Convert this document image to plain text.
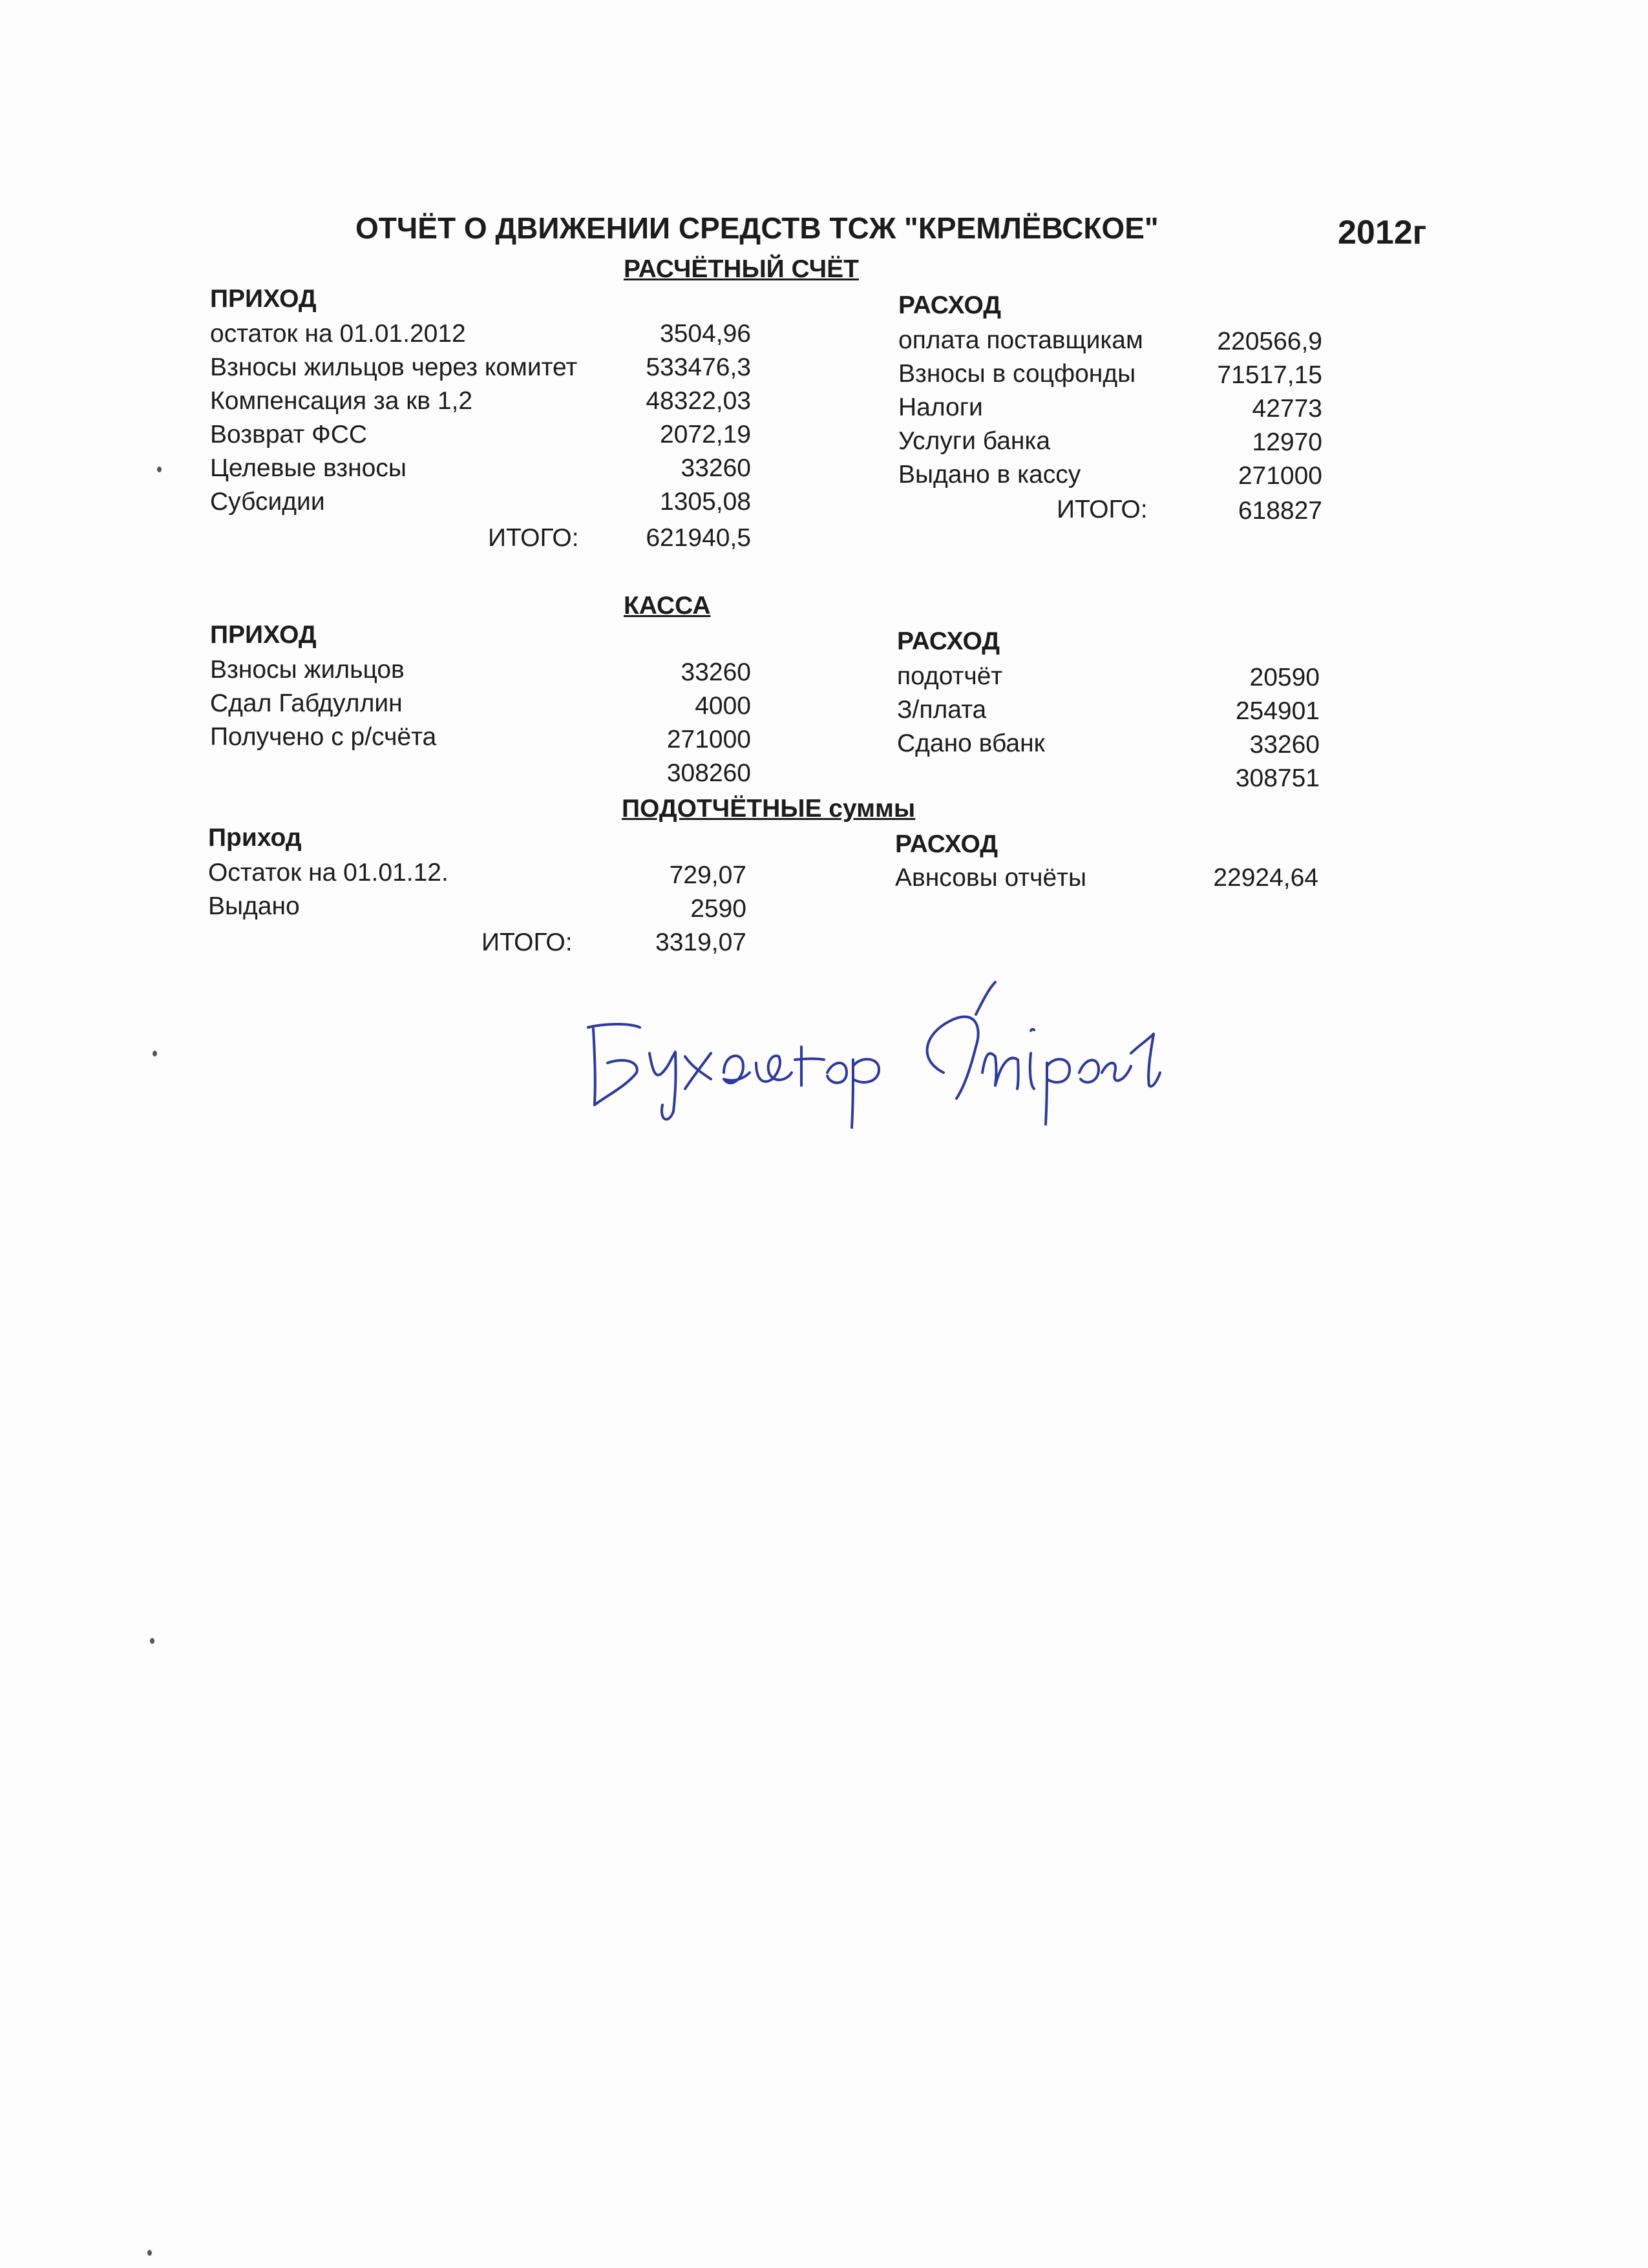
ОТЧЁТ О ДВИЖЕНИИ СРЕДСТВ ТСЖ "КРЕМЛЁВСКОЕ"	2012г
РАСЧЁТНЫЙ СЧЁТ
ПРИХОД
остаток на 01.01.2012	3504,96
Взносы жильцов через комитет	533476,3
Компенсация за кв 1,2	48322,03
Возврат ФСС	2072,19
Целевые взносы	33260
Субсидии	1305,08
ИТОГО:	621940,5
РАСХОД
оплата поставщикам	220566,9
Взносы в соцфонды	71517,15
Налоги	42773
Услуги банка	12970
Выдано в кассу	271000
ИТОГО:	618827
КАССА
ПРИХОД
Взносы жильцов	33260
Сдал Габдуллин	4000
Получено с р/счёта	271000
308260
РАСХОД
подотчёт	20590
З/плата	254901
Сдано вбанк	33260
308751
ПОДОТЧЁТНЫЕ суммы
Приход
Остаток на 01.01.12.	729,07
Выдано	2590
ИТОГО:	3319,07
РАСХОД
Авнсовы отчёты	22924,64
